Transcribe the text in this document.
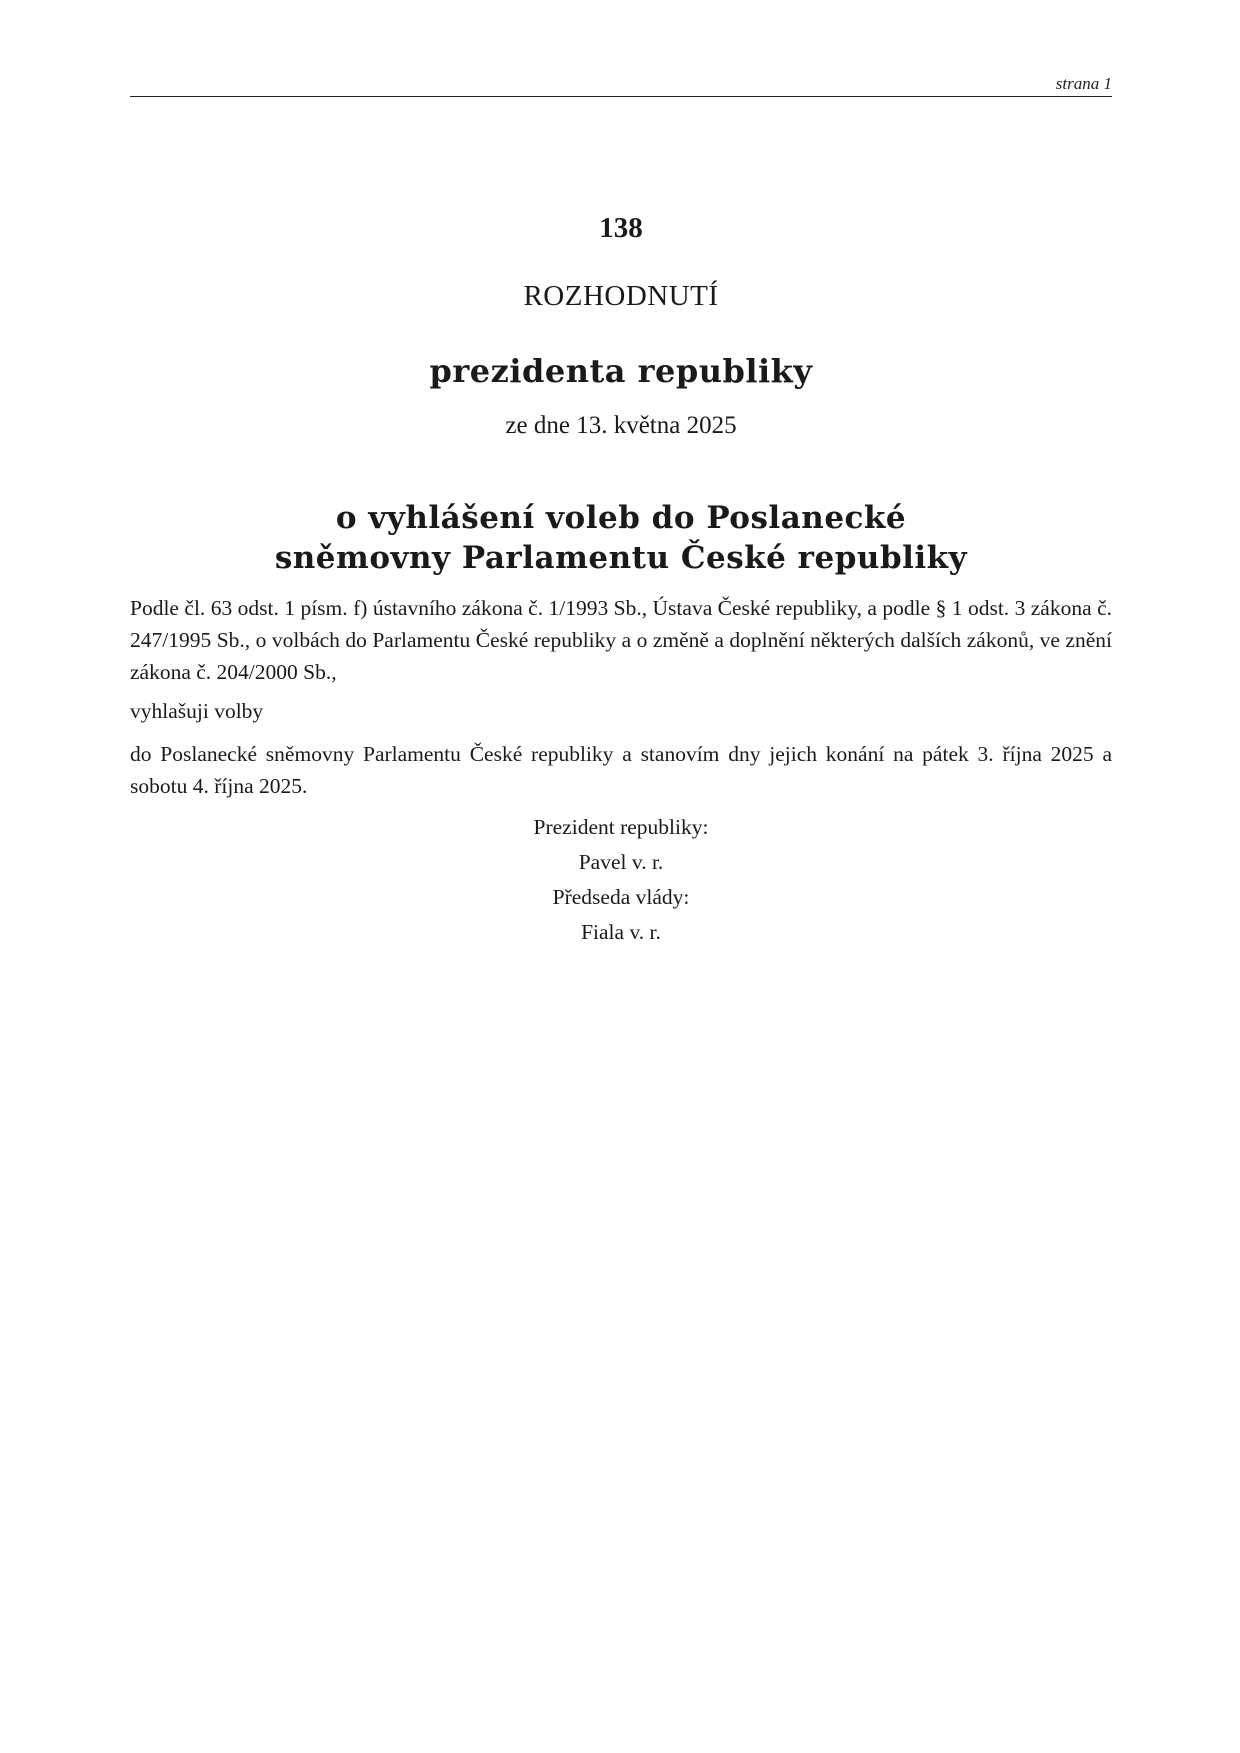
strana 1
138
ROZHODNUTÍ
prezidenta republiky
ze dne 13. května 2025
o vyhlášení voleb do Poslanecké
sněmovny Parlamentu České republiky

Podle čl. 63 odst. 1 písm. f) ústavního zákona č. 1/1993 Sb., Ústava České republiky, a podle § 1 odst. 3 zákona č. 247/1995 Sb., o volbách do Parlamentu České republiky a o změně a doplnění některých dalších zákonů, ve znění zákona č. 204/2000 Sb.,

vyhlašuji volby

do Poslanecké sněmovny Parlamentu České republiky a stanovím dny jejich konání na pátek 3. října 2025 a sobotu 4. října 2025.

Prezident republiky:
Pavel v. r.
Předseda vlády:
Fiala v. r.
